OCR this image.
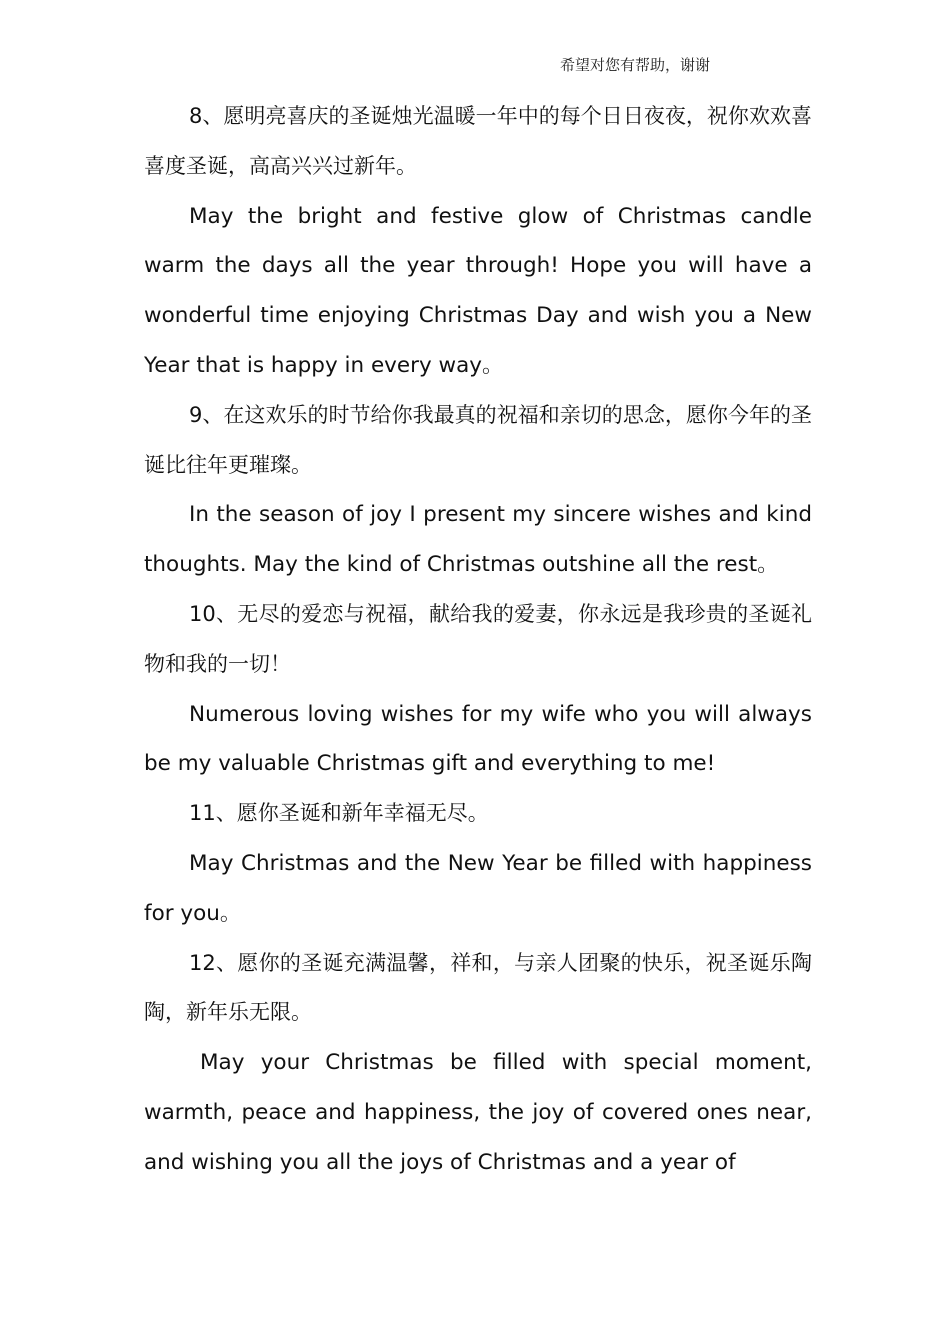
希望对您有帮助，谢谢

8、愿明亮喜庆的圣诞烛光温暖一年中的每个日日夜夜，祝你欢欢喜喜度圣诞，高高兴兴过新年。

May the bright and festive glow of Christmas candle warm the days all the year through! Hope you will have a wonderful time enjoying Christmas Day and wish you a New Year that is happy in every way。

9、在这欢乐的时节给你我最真的祝福和亲切的思念，愿你今年的圣诞比往年更璀璨。

In the season of joy I present my sincere wishes and kind thoughts. May the kind of Christmas outshine all the rest。

10、无尽的爱恋与祝福，献给我的爱妻，你永远是我珍贵的圣诞礼物和我的一切！

Numerous loving wishes for my wife who you will always be my valuable Christmas gift and everything to me!

11、愿你圣诞和新年幸福无尽。

May Christmas and the New Year be filled with happiness for you。

12、愿你的圣诞充满温馨，祥和，与亲人团聚的快乐，祝圣诞乐陶陶，新年乐无限。

May your Christmas be filled with special moment, warmth, peace and happiness, the joy of covered ones near, and wishing you all the joys of Christmas and a year of
